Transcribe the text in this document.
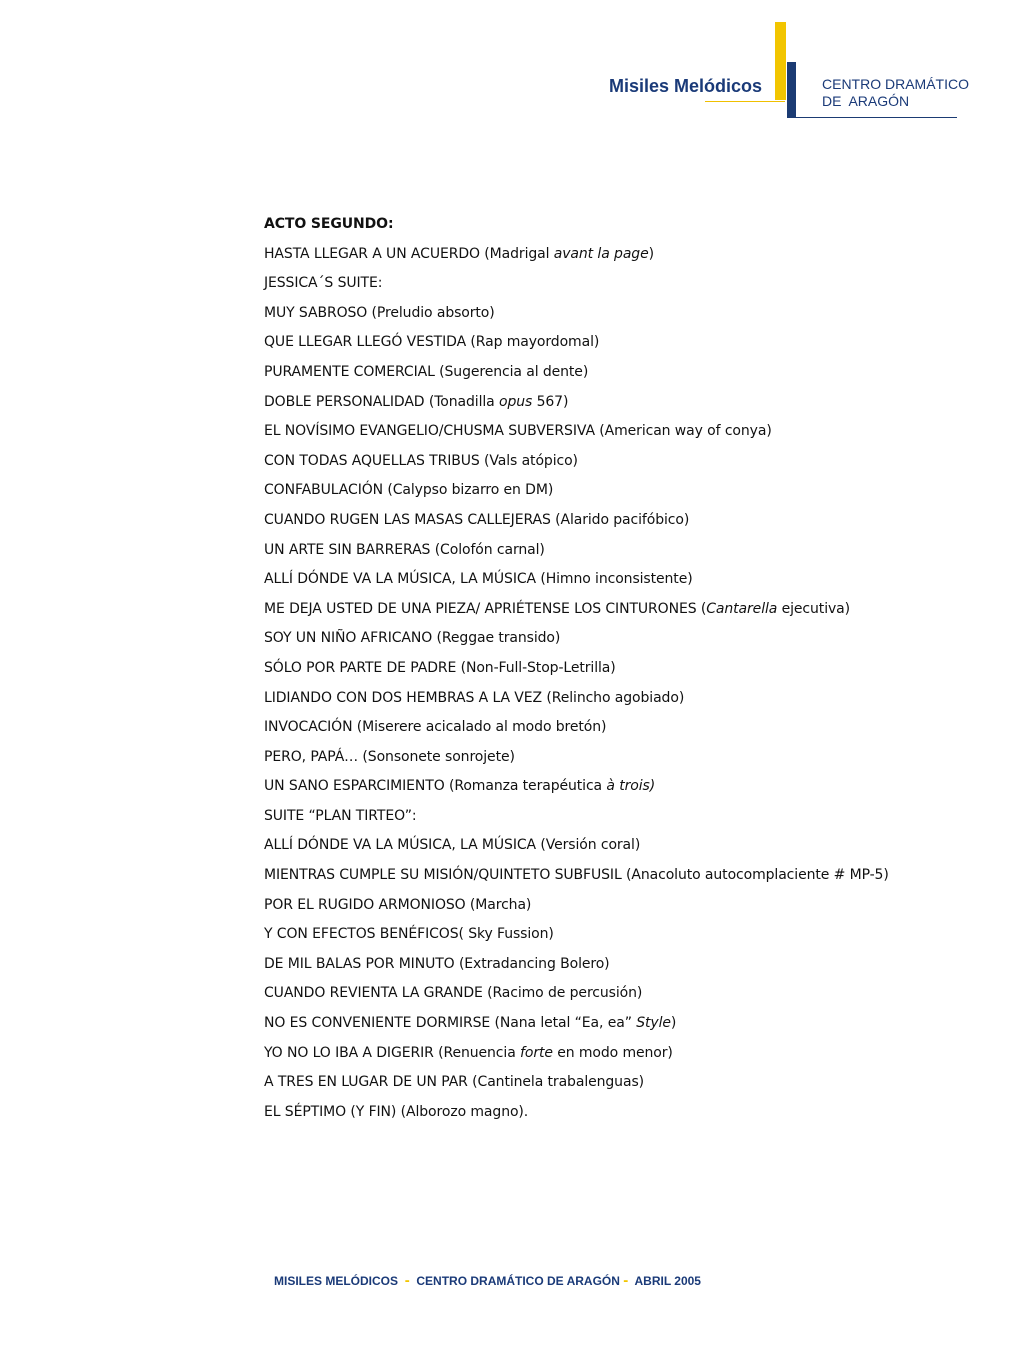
Misiles Melódicos	CENTRO DRAMÁTICO
DE  ARAGÓN
ACTO SEGUNDO:
HASTA LLEGAR A UN ACUERDO (Madrigal avant la page)
JESSICA´S SUITE:
MUY SABROSO (Preludio absorto)
QUE LLEGAR LLEGÓ VESTIDA (Rap mayordomal)
PURAMENTE COMERCIAL (Sugerencia al dente)
DOBLE PERSONALIDAD (Tonadilla opus 567)
EL NOVÍSIMO EVANGELIO/CHUSMA SUBVERSIVA (American way of conya)
CON TODAS AQUELLAS TRIBUS (Vals atópico)
CONFABULACIÓN (Calypso bizarro en DM)
CUANDO RUGEN LAS MASAS CALLEJERAS (Alarido pacifóbico)
UN ARTE SIN BARRERAS (Colofón carnal)
ALLÍ DÓNDE VA LA MÚSICA, LA MÚSICA (Himno inconsistente)
ME DEJA USTED DE UNA PIEZA/ APRIÉTENSE LOS CINTURONES (Cantarella ejecutiva)
SOY UN NIÑO AFRICANO (Reggae transido)
SÓLO POR PARTE DE PADRE (Non-Full-Stop-Letrilla)
LIDIANDO CON DOS HEMBRAS A LA VEZ (Relincho agobiado)
INVOCACIÓN (Miserere acicalado al modo bretón)
PERO, PAPÁ… (Sonsonete sonrojete)
UN SANO ESPARCIMIENTO (Romanza terapéutica à trois)
SUITE “PLAN TIRTEO”:
ALLÍ DÓNDE VA LA MÚSICA, LA MÚSICA (Versión coral)
MIENTRAS CUMPLE SU MISIÓN/QUINTETO SUBFUSIL (Anacoluto autocomplaciente # MP-5)
POR EL RUGIDO ARMONIOSO (Marcha)
Y CON EFECTOS BENÉFICOS( Sky Fussion)
DE MIL BALAS POR MINUTO (Extradancing Bolero)
CUANDO REVIENTA LA GRANDE (Racimo de percusión)
NO ES CONVENIENTE DORMIRSE (Nana letal “Ea, ea” Style)
YO NO LO IBA A DIGERIR (Renuencia forte en modo menor)
A TRES EN LUGAR DE UN PAR (Cantinela trabalenguas)
EL SÉPTIMO (Y FIN) (Alborozo magno).
MISILES MELÓDICOS - CENTRO DRAMÁTICO DE ARAGÓN - ABRIL 2005
